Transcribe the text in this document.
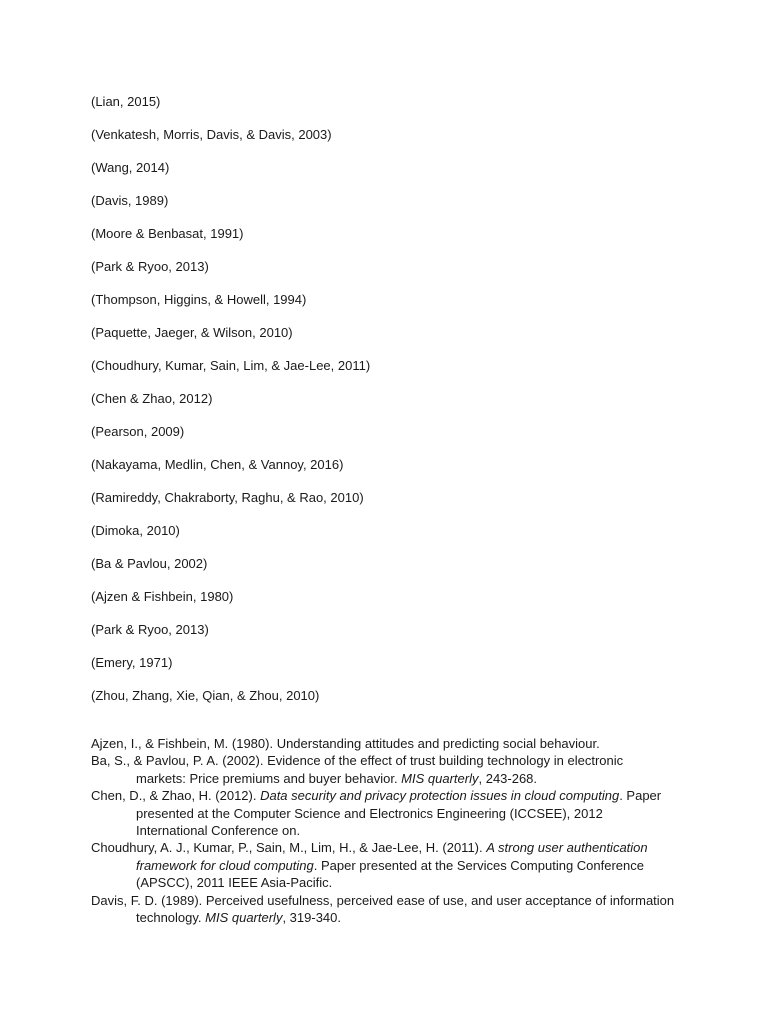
(Lian, 2015)
(Venkatesh, Morris, Davis, & Davis, 2003)
(Wang, 2014)
(Davis, 1989)
(Moore & Benbasat, 1991)
(Park & Ryoo, 2013)
(Thompson, Higgins, & Howell, 1994)
(Paquette, Jaeger, & Wilson, 2010)
(Choudhury, Kumar, Sain, Lim, & Jae-Lee, 2011)
(Chen & Zhao, 2012)
(Pearson, 2009)
(Nakayama, Medlin, Chen, & Vannoy, 2016)
(Ramireddy, Chakraborty, Raghu, & Rao, 2010)
(Dimoka, 2010)
(Ba & Pavlou, 2002)
(Ajzen & Fishbein, 1980)
(Park & Ryoo, 2013)
(Emery, 1971)
(Zhou, Zhang, Xie, Qian, & Zhou, 2010)
Ajzen, I., & Fishbein, M. (1980). Understanding attitudes and predicting social behaviour.
Ba, S., & Pavlou, P. A. (2002). Evidence of the effect of trust building technology in electronic markets: Price premiums and buyer behavior. MIS quarterly, 243-268.
Chen, D., & Zhao, H. (2012). Data security and privacy protection issues in cloud computing. Paper presented at the Computer Science and Electronics Engineering (ICCSEE), 2012 International Conference on.
Choudhury, A. J., Kumar, P., Sain, M., Lim, H., & Jae-Lee, H. (2011). A strong user authentication framework for cloud computing. Paper presented at the Services Computing Conference (APSCC), 2011 IEEE Asia-Pacific.
Davis, F. D. (1989). Perceived usefulness, perceived ease of use, and user acceptance of information technology. MIS quarterly, 319-340.
